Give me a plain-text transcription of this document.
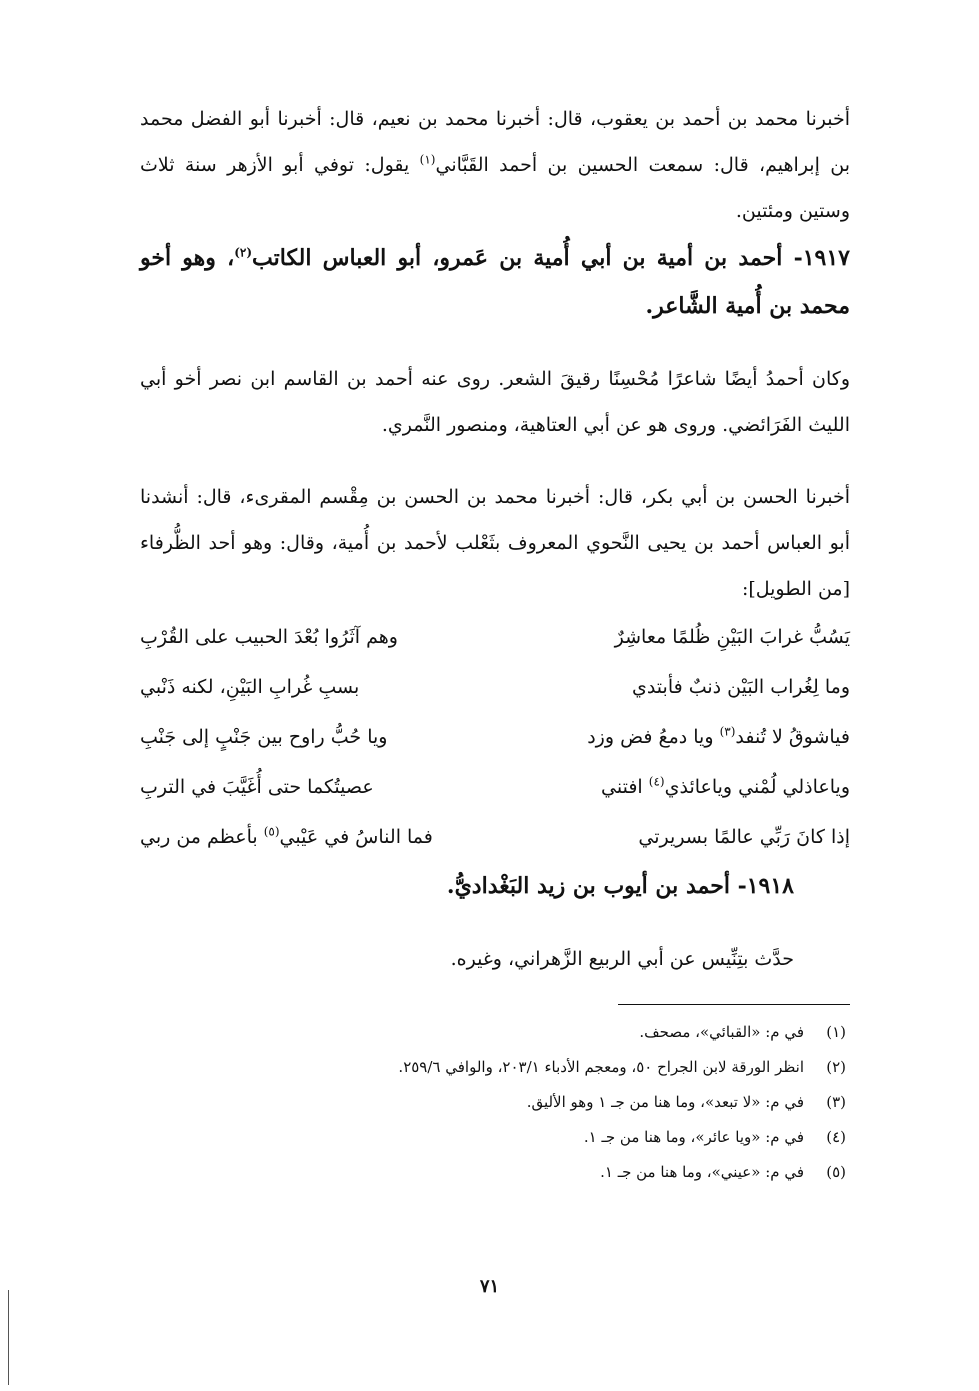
أخبرنا محمد بن أحمد بن يعقوب، قال: أخبرنا محمد بن نعيم، قال: أخبرنا أبو الفضل محمد بن إبراهيم، قال: سمعت الحسين بن أحمد القَبَّاني$^{(١)}$ يقول: توفي أبو الأزهر سنة ثلاث وستين ومئتين.

١٩١٧- أحمد بن أمية بن أبي أُمية بن عَمرو، أبو العباس الكاتب$^{(٢)}$، وهو أخو محمد بن أُمية الشَّاعر.

وكان أحمدُ أيضًا شاعرًا مُحْسِنًا رقيقَ الشعر. روى عنه أحمد بن القاسم ابن نصر أخو أبي الليث الفَرَائضي. وروى هو عن أبي العتاهية، ومنصور النَّمري.

أخبرنا الحسن بن أبي بكر، قال: أخبرنا محمد بن الحسن بن مِقْسم المقرىء، قال: أنشدنا أبو العباس أحمد بن يحيى النَّحوي المعروف بثَعْلب لأحمد بن أُمية، وقال: وهو أحد الظُّرفاء [من الطويل]:

يَسُبُّ غرابَ البَيْنِ ظُلمًا معاشِرٌ
وهم آثَرُوا بُعْدَ الحبيب على القُرْبِ
وما لِغُراب البَيْن ذنبٌ فأبتدي
بسبِ غُرابِ البَيْنِ، لكنه ذَنْبي
فياشوقُ لا تُنفد$^{(٣)}$ ويا دمعُ فض وزد
ويا حُبُّ راوح بين جَنْبٍ إلى جَنْبِ
وياعاذلي لُمْني وياعائذي$^{(٤)}$ افتني
عصيتُكما حتى أُغَيَّبَ في التربِ
إذا كانَ رَبِّي عالمًا بسريرتي
فما الناسُ في عَيْبي$^{(٥)}$ بأعظم من ربي

١٩١٨- أحمد بن أيوب بن زيد البَغْداديُّ.

حدَّث بتِنِّيس عن أبي الربيع الزَّهراني، وغيره.

(١)
في م: «القبائي»، مصحف.
(٢)
انظر الورقة لابن الجراح ٥٠، ومعجم الأدباء ٢٠٣/١، والوافي ٢٥٩/٦.
(٣)
في م: «لا تبعد»، وما هنا من جـ ١ وهو الأليق.
(٤)
في م: «ويا عائر»، وما هنا من جـ ١.
(٥)
في م: «عيني»، وما هنا من جـ ١.
٧١
